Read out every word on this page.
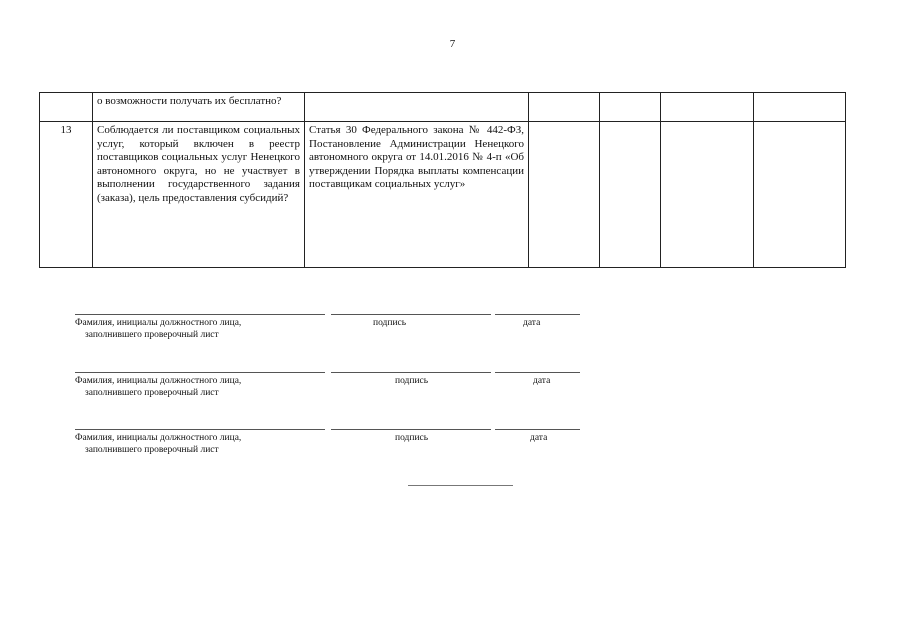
7
	о возможности получать их бесплатно?					
13	Соблюдается ли поставщиком социальных услуг, который включен в реестр поставщиков социальных услуг Ненецкого автономного округа, но не участвует в выполнении государственного задания (заказа), цель предоставления субсидий?	Статья 30 Федерального закона № 442-ФЗ, Постановление Администрации Ненецкого автономного округа от 14.01.2016 № 4-п «Об утверждении Порядка выплаты компенсации поставщикам социальных услуг»				
Фамилия, инициалы должностного лица,
заполнившего проверочный лист
подпись	дата
Фамилия, инициалы должностного лица,
заполнившего проверочный лист
подпись	дата
Фамилия, инициалы должностного лица,
заполнившего проверочный лист
подпись	дата
